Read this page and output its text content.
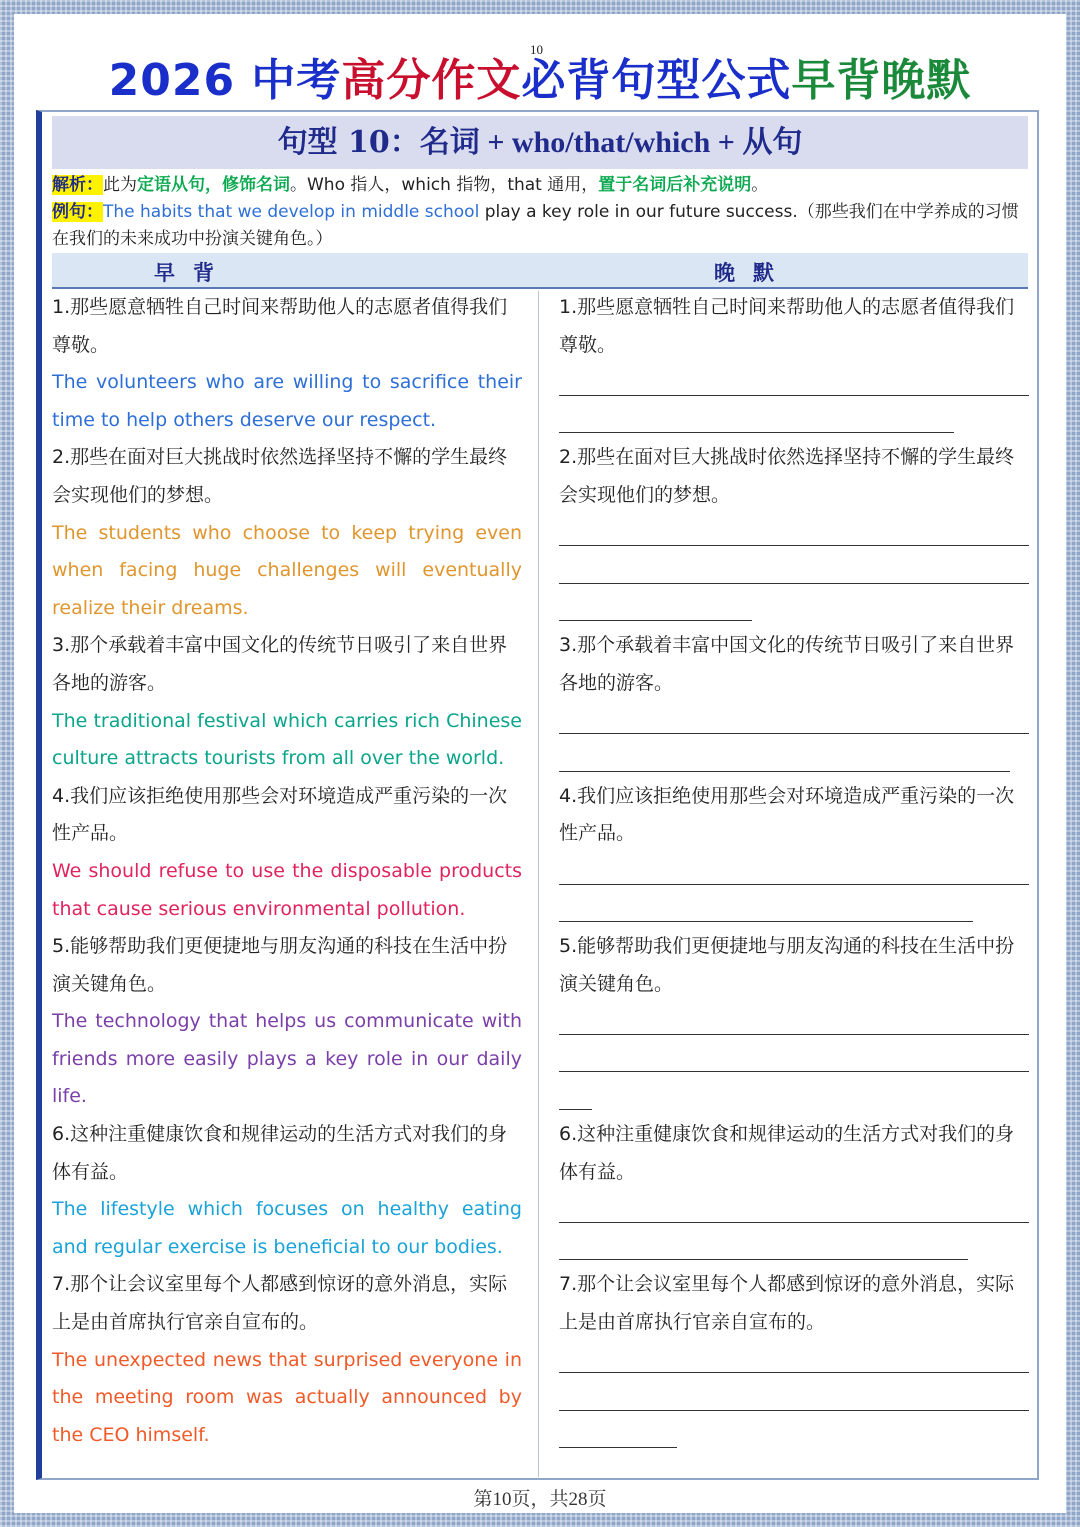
10
2026 中考高分作文必背句型公式早背晚默
句型 10：名词 + who/that/which + 从句
解析：此为定语从句，修饰名词。Who 指人，which 指物，that 通用，置于名词后补充说明。
例句：The habits that we develop in middle school play a key role in our future success.（那些我们在中学养成的习惯在我们的未来成功中扮演关键角色。）
早背	晚默
1.那些愿意牺牲自己时间来帮助他人的志愿者值得我们尊敬。
The volunteers who are willing to sacrifice their time to help others deserve our respect.
2.那些在面对巨大挑战时依然选择坚持不懈的学生最终会实现他们的梦想。
The students who choose to keep trying even when facing huge challenges will eventually realize their dreams.
3.那个承载着丰富中国文化的传统节日吸引了来自世界各地的游客。
The traditional festival which carries rich Chinese culture attracts tourists from all over the world.
4.我们应该拒绝使用那些会对环境造成严重污染的一次性产品。
We should refuse to use the disposable products that cause serious environmental pollution.
5.能够帮助我们更便捷地与朋友沟通的科技在生活中扮演关键角色。
The technology that helps us communicate with friends more easily plays a key role in our daily life.
6.这种注重健康饮食和规律运动的生活方式对我们的身体有益。
The lifestyle which focuses on healthy eating and regular exercise is beneficial to our bodies.
7.那个让会议室里每个人都感到惊讶的意外消息，实际上是由首席执行官亲自宣布的。
The unexpected news that surprised everyone in the meeting room was actually announced by the CEO himself.
1.那些愿意牺牲自己时间来帮助他人的志愿者值得我们尊敬。
2.那些在面对巨大挑战时依然选择坚持不懈的学生最终会实现他们的梦想。
3.那个承载着丰富中国文化的传统节日吸引了来自世界各地的游客。
4.我们应该拒绝使用那些会对环境造成严重污染的一次性产品。
5.能够帮助我们更便捷地与朋友沟通的科技在生活中扮演关键角色。
6.这种注重健康饮食和规律运动的生活方式对我们的身体有益。
7.那个让会议室里每个人都感到惊讶的意外消息，实际上是由首席执行官亲自宣布的。
第10页，共28页
